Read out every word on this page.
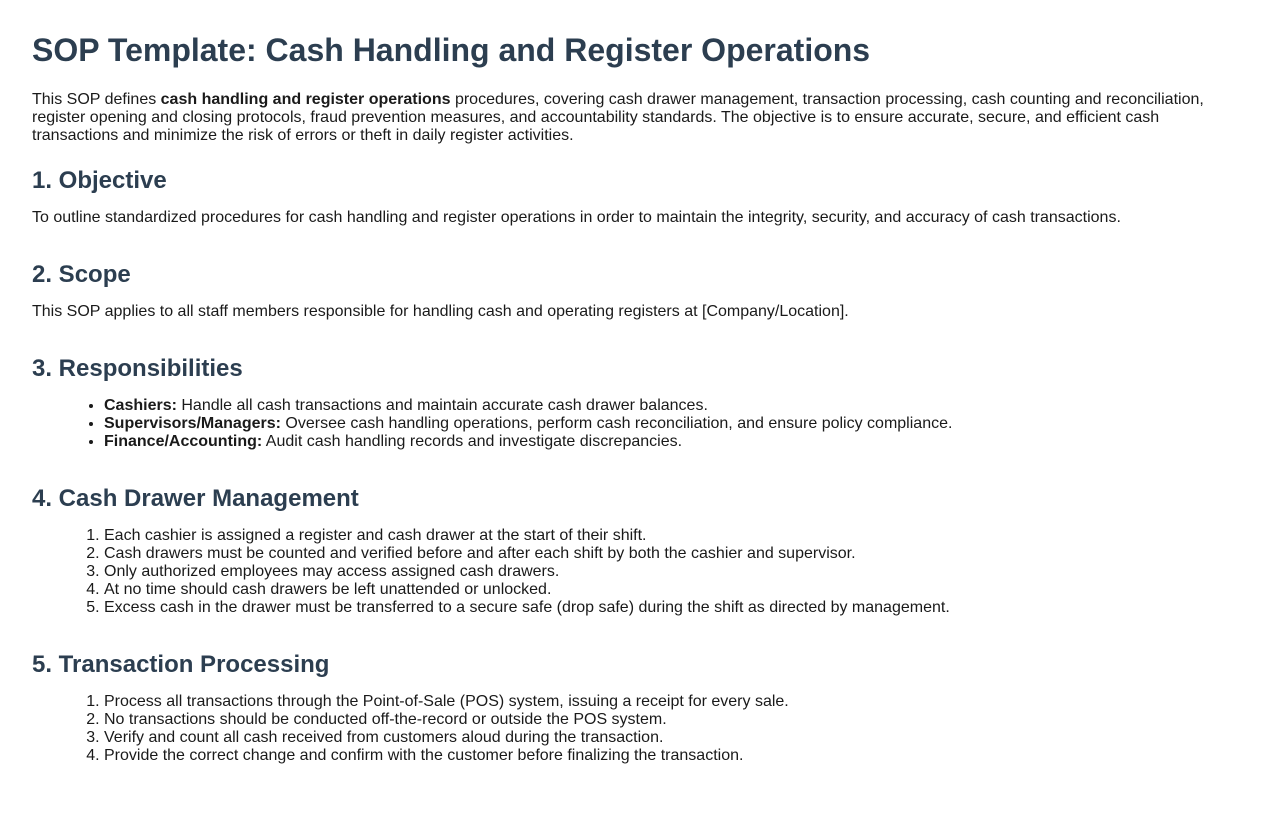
SOP Template: Cash Handling and Register Operations

This SOP defines cash handling and register operations procedures, covering cash drawer management, transaction processing, cash counting and reconciliation, register opening and closing protocols, fraud prevention measures, and accountability standards. The objective is to ensure accurate, secure, and efficient cash transactions and minimize the risk of errors or theft in daily register activities.

1. Objective

To outline standardized procedures for cash handling and register operations in order to maintain the integrity, security, and accuracy of cash transactions.

2. Scope

This SOP applies to all staff members responsible for handling cash and operating registers at [Company/Location].

3. Responsibilities
• Cashiers: Handle all cash transactions and maintain accurate cash drawer balances.
• Supervisors/Managers: Oversee cash handling operations, perform cash reconciliation, and ensure policy compliance.
• Finance/Accounting: Audit cash handling records and investigate discrepancies.
4. Cash Drawer Management
1. Each cashier is assigned a register and cash drawer at the start of their shift.
2. Cash drawers must be counted and verified before and after each shift by both the cashier and supervisor.
3. Only authorized employees may access assigned cash drawers.
4. At no time should cash drawers be left unattended or unlocked.
5. Excess cash in the drawer must be transferred to a secure safe (drop safe) during the shift as directed by management.
5. Transaction Processing
1. Process all transactions through the Point-of-Sale (POS) system, issuing a receipt for every sale.
2. No transactions should be conducted off-the-record or outside the POS system.
3. Verify and count all cash received from customers aloud during the transaction.
4. Provide the correct change and confirm with the customer before finalizing the transaction.
